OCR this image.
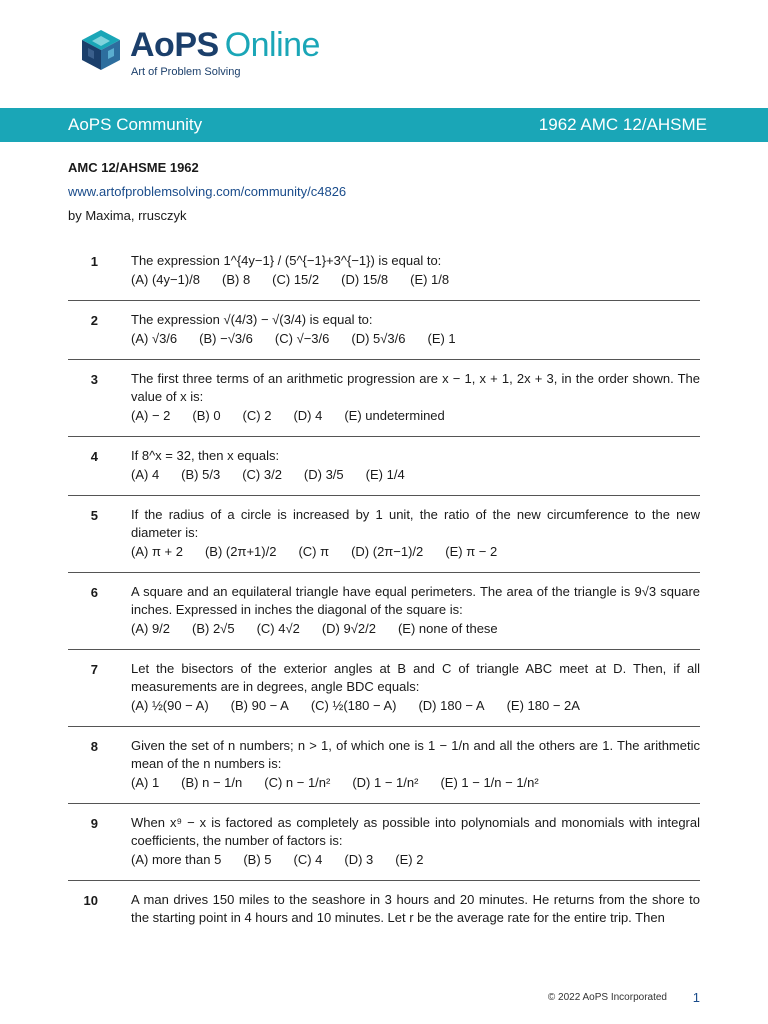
AoPS Online
Art of Problem Solving
AoPS Community	1962 AMC 12/AHSME
AMC 12/AHSME 1962
www.artofproblemsolving.com/community/c4826
by Maxima, rrusczyk
1	The expression 1^{4y−1} / (5^{−1}+3^{−1}) is equal to:
(A) (4y−1)/8 (B) 8 (C) 15/2 (D) 15/8 (E) 1/8
2	The expression √(4/3) − √(3/4) is equal to:
(A) √3/6 (B) −√3/6 (C) √−3/6 (D) 5√3/6 (E) 1
3	The first three terms of an arithmetic progression are x − 1, x + 1, 2x + 3, in the order shown. The value of x is:
(A) − 2 (B) 0 (C) 2 (D) 4 (E) undetermined
4	If 8^x = 32, then x equals:
(A) 4 (B) 5/3 (C) 3/2 (D) 3/5 (E) 1/4
5	If the radius of a circle is increased by 1 unit, the ratio of the new circumference to the new diameter is:
(A) π + 2 (B) (2π+1)/2 (C) π (D) (2π−1)/2 (E) π − 2
6	A square and an equilateral triangle have equal perimeters. The area of the triangle is 9√3 square inches. Expressed in inches the diagonal of the square is:
(A) 9/2 (B) 2√5 (C) 4√2 (D) 9√2/2 (E) none of these
7	Let the bisectors of the exterior angles at B and C of triangle ABC meet at D. Then, if all measurements are in degrees, angle BDC equals:
(A) ½(90 − A) (B) 90 − A (C) ½(180 − A) (D) 180 − A (E) 180 − 2A
8	Given the set of n numbers; n > 1, of which one is 1 − 1/n and all the others are 1. The arithmetic mean of the n numbers is:
(A) 1 (B) n − 1/n (C) n − 1/n² (D) 1 − 1/n² (E) 1 − 1/n − 1/n²
9	When x⁹ − x is factored as completely as possible into polynomials and monomials with integral coefficients, the number of factors is:
(A) more than 5 (B) 5 (C) 4 (D) 3 (E) 2
10	A man drives 150 miles to the seashore in 3 hours and 20 minutes. He returns from the shore to the starting point in 4 hours and 10 minutes. Let r be the average rate for the entire trip. Then
© 2022 AoPS Incorporated 1
